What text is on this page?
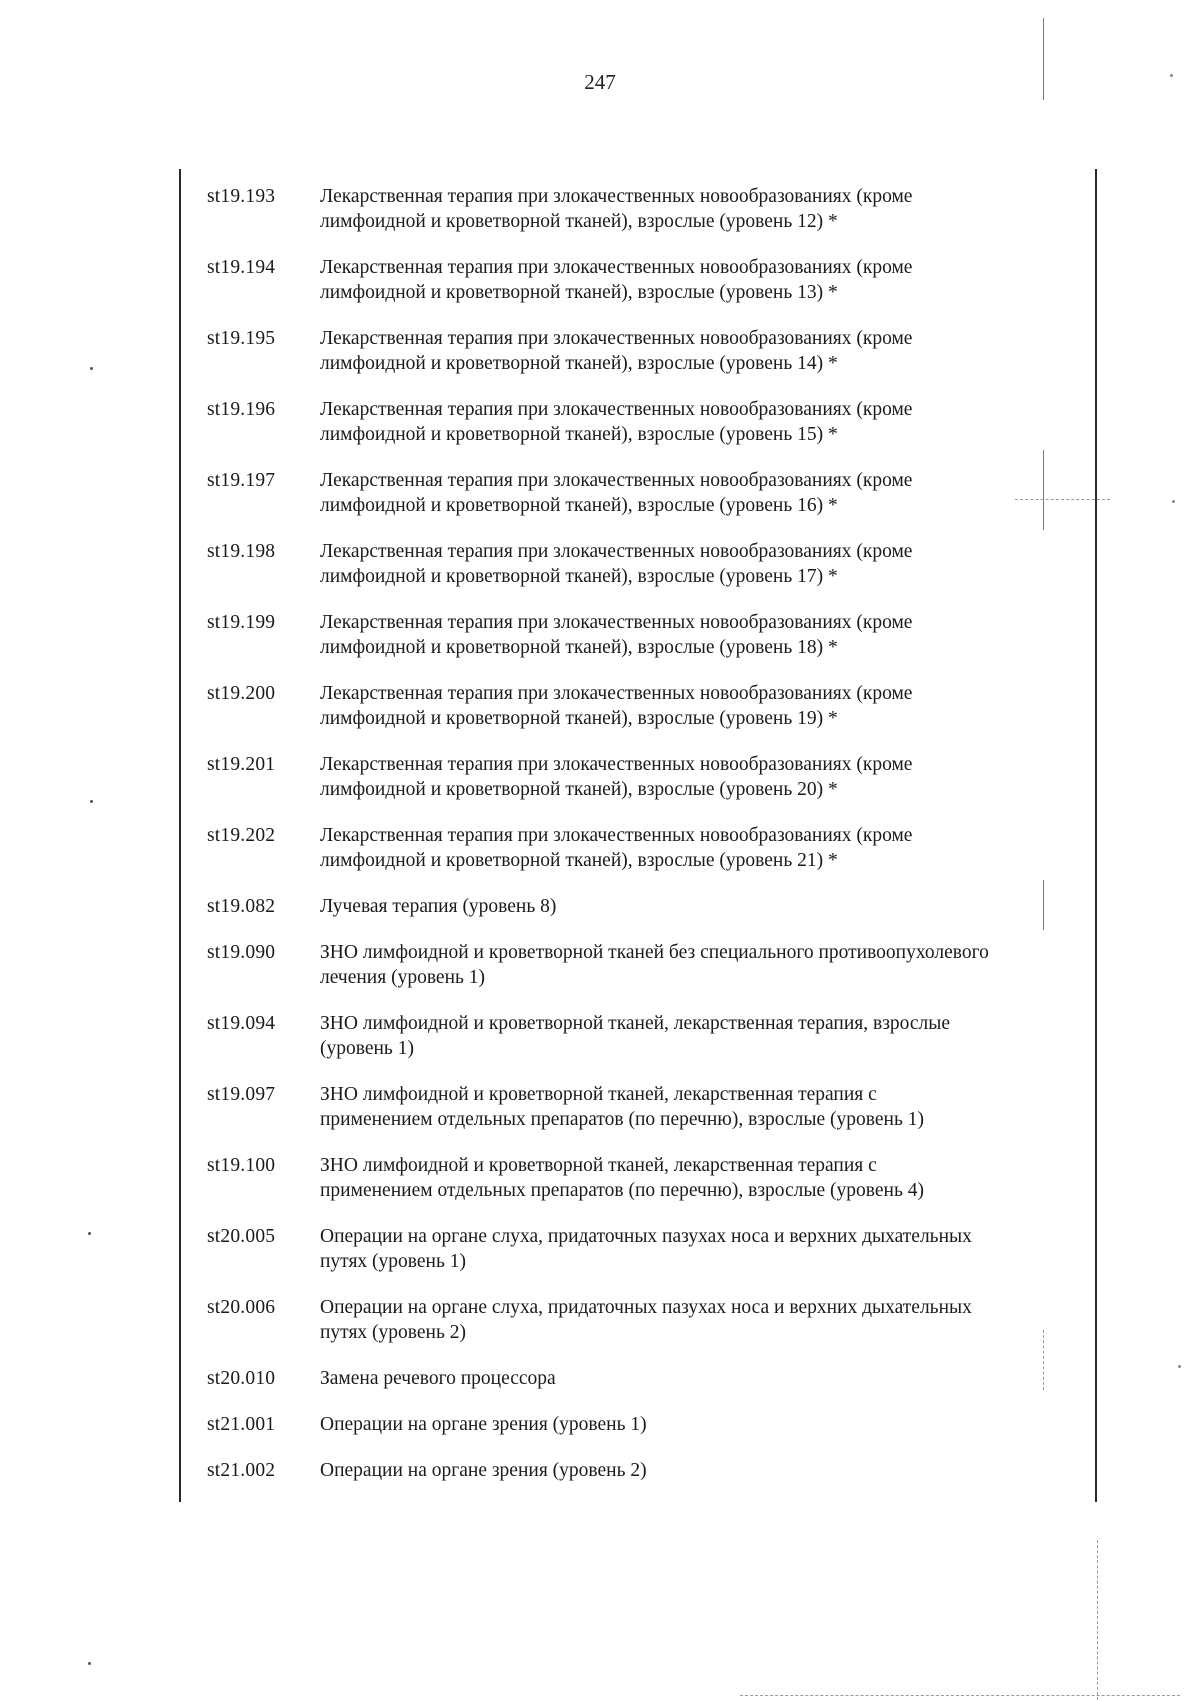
247
st19.193	Лекарственная терапия при злокачественных новообразованиях (кроме
лимфоидной и кроветворной тканей), взрослые (уровень 12) *
st19.194	Лекарственная терапия при злокачественных новообразованиях (кроме
лимфоидной и кроветворной тканей), взрослые (уровень 13) *
st19.195	Лекарственная терапия при злокачественных новообразованиях (кроме
лимфоидной и кроветворной тканей), взрослые (уровень 14) *
st19.196	Лекарственная терапия при злокачественных новообразованиях (кроме
лимфоидной и кроветворной тканей), взрослые (уровень 15) *
st19.197	Лекарственная терапия при злокачественных новообразованиях (кроме
лимфоидной и кроветворной тканей), взрослые (уровень 16) *
st19.198	Лекарственная терапия при злокачественных новообразованиях (кроме
лимфоидной и кроветворной тканей), взрослые (уровень 17) *
st19.199	Лекарственная терапия при злокачественных новообразованиях (кроме
лимфоидной и кроветворной тканей), взрослые (уровень 18) *
st19.200	Лекарственная терапия при злокачественных новообразованиях (кроме
лимфоидной и кроветворной тканей), взрослые (уровень 19) *
st19.201	Лекарственная терапия при злокачественных новообразованиях (кроме
лимфоидной и кроветворной тканей), взрослые (уровень 20) *
st19.202	Лекарственная терапия при злокачественных новообразованиях (кроме
лимфоидной и кроветворной тканей), взрослые (уровень 21) *
st19.082	Лучевая терапия (уровень 8)
st19.090	ЗНО лимфоидной и кроветворной тканей без специального противоопухолевого
лечения (уровень 1)
st19.094	ЗНО лимфоидной и кроветворной тканей, лекарственная терапия, взрослые
(уровень 1)
st19.097	ЗНО лимфоидной и кроветворной тканей, лекарственная терапия с
применением отдельных препаратов (по перечню), взрослые (уровень 1)
st19.100	ЗНО лимфоидной и кроветворной тканей, лекарственная терапия с
применением отдельных препаратов (по перечню), взрослые (уровень 4)
st20.005	Операции на органе слуха, придаточных пазухах носа и верхних дыхательных
путях (уровень 1)
st20.006	Операции на органе слуха, придаточных пазухах носа и верхних дыхательных
путях (уровень 2)
st20.010	Замена речевого процессора
st21.001	Операции на органе зрения (уровень 1)
st21.002	Операции на органе зрения (уровень 2)
